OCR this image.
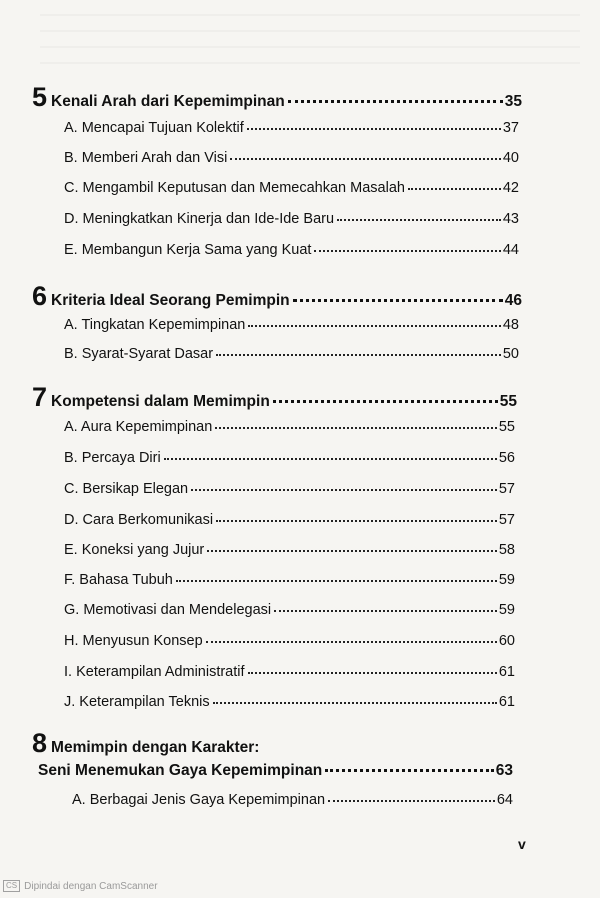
5 Kenali Arah dari Kepemimpinan	35
A. Mencapai Tujuan Kolektif	37
B. Memberi Arah dan Visi	40
C. Mengambil Keputusan dan Memecahkan Masalah	42
D. Meningkatkan Kinerja dan Ide-Ide Baru	43
E. Membangun Kerja Sama yang Kuat	44
6 Kriteria Ideal Seorang Pemimpin	46
A. Tingkatan Kepemimpinan	48
B. Syarat-Syarat Dasar	50
7 Kompetensi dalam Memimpin	55
A. Aura Kepemimpinan	55
B. Percaya Diri	56
C. Bersikap Elegan	57
D. Cara Berkomunikasi	57
E. Koneksi yang Jujur	58
F. Bahasa Tubuh	59
G. Memotivasi dan Mendelegasi	59
H. Menyusun Konsep	60
I. Keterampilan Administratif	61
J. Keterampilan Teknis	61
8 Memimpin dengan Karakter:
Seni Menemukan Gaya Kepemimpinan	63
A. Berbagai Jenis Gaya Kepemimpinan	64
v
CS Dipindai dengan CamScanner
